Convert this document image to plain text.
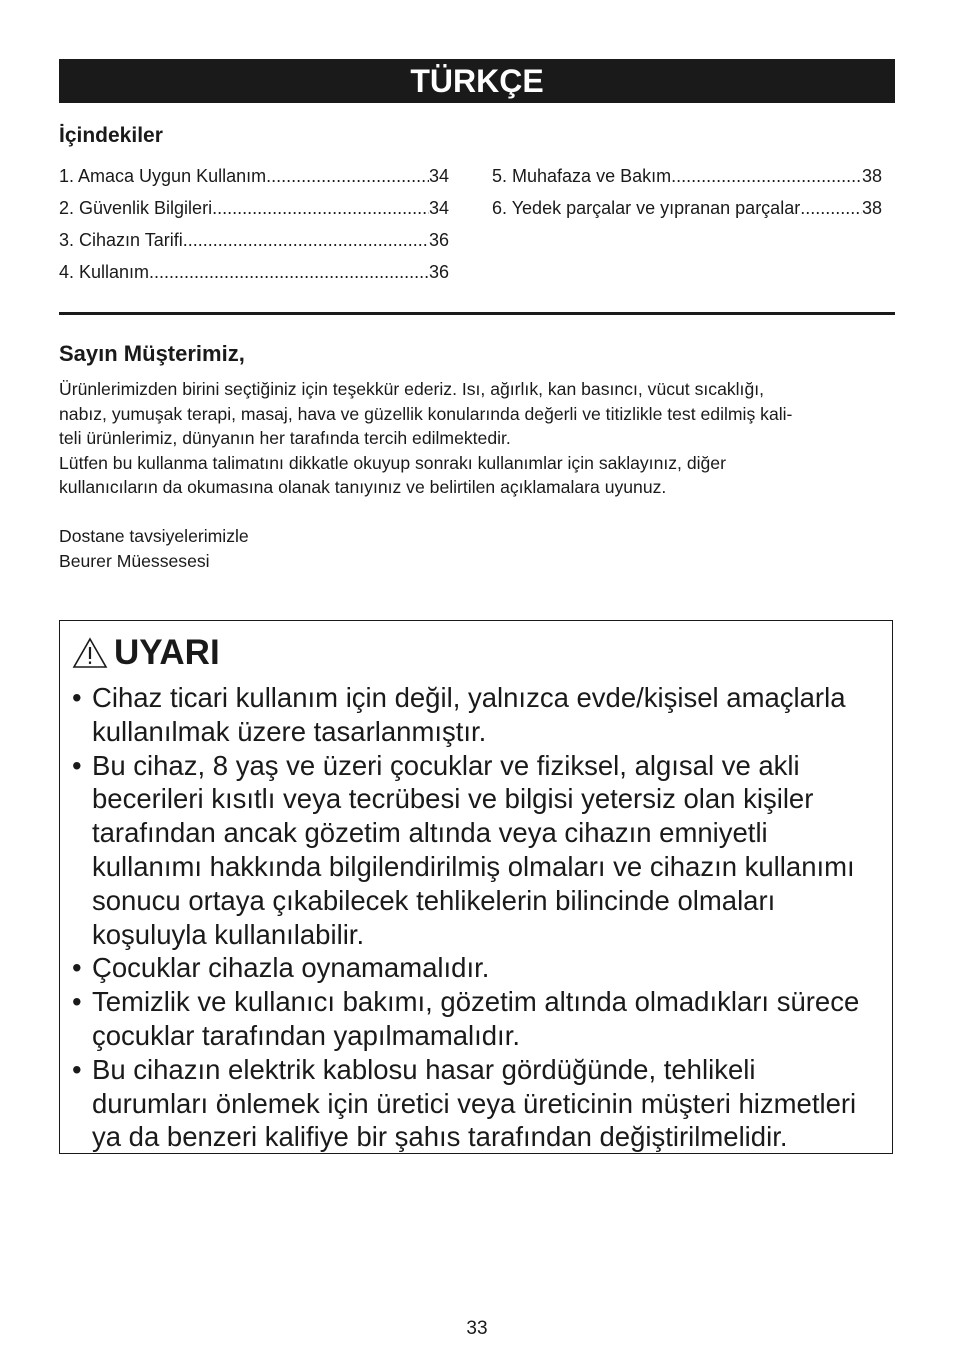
TÜRKÇE
İçindekiler
1. Amaca Uygun Kullanım .....	34
2. Güvenlik Bilgileri .....	34
3. Cihazın Tarifi .....	36
4. Kullanım .....	36
5. Muhafaza ve Bakım .....	38
6. Yedek parçalar ve yıpranan parçalar .....	38
Sayın Müşterimiz,

Ürünlerimizden birini seçtiğiniz için teşekkür ederiz. Isı, ağırlık, kan basıncı, vücut sıcaklığı,

nabız, yumuşak terapi, masaj, hava ve güzellik konularında değerli ve titizlikle test edilmiş kali-

teli ürünlerimiz, dünyanın her tarafında tercih edilmektedir.

Lütfen bu kullanma talimatını dikkatle okuyup sonrakı kullanımlar için saklayınız, diğer

kullanıcıların da okumasına olanak tanıyınız ve belirtilen açıklamalara uyunuz.

Dostane tavsiyelerimizle

Beurer Müessesesi

UYARI
• Cihaz ticari kullanım için değil, yalnızca evde/kişisel amaçlarla
kullanılmak üzere tasarlanmıştır.
• Bu cihaz, 8 yaş ve üzeri çocuklar ve fiziksel, algısal ve akli
becerileri kısıtlı veya tecrübesi ve bilgisi yetersiz olan kişiler
tarafından ancak gözetim altında veya cihazın emniyetli
kullanımı hakkında bilgilendirilmiş olmaları ve cihazın kullanımı
sonucu ortaya çıkabilecek tehlikelerin bilincinde olmaları
koşuluyla kullanılabilir.
• Çocuklar cihazla oynamamalıdır.
• Temizlik ve kullanıcı bakımı, gözetim altında olmadıkları sürece
çocuklar tarafından yapılmamalıdır.
• Bu cihazın elektrik kablosu hasar gördüğünde, tehlikeli
durumları önlemek için üretici veya üreticinin müşteri hizmetleri
ya da benzeri kalifiye bir şahıs tarafından değiştirilmelidir.
33
